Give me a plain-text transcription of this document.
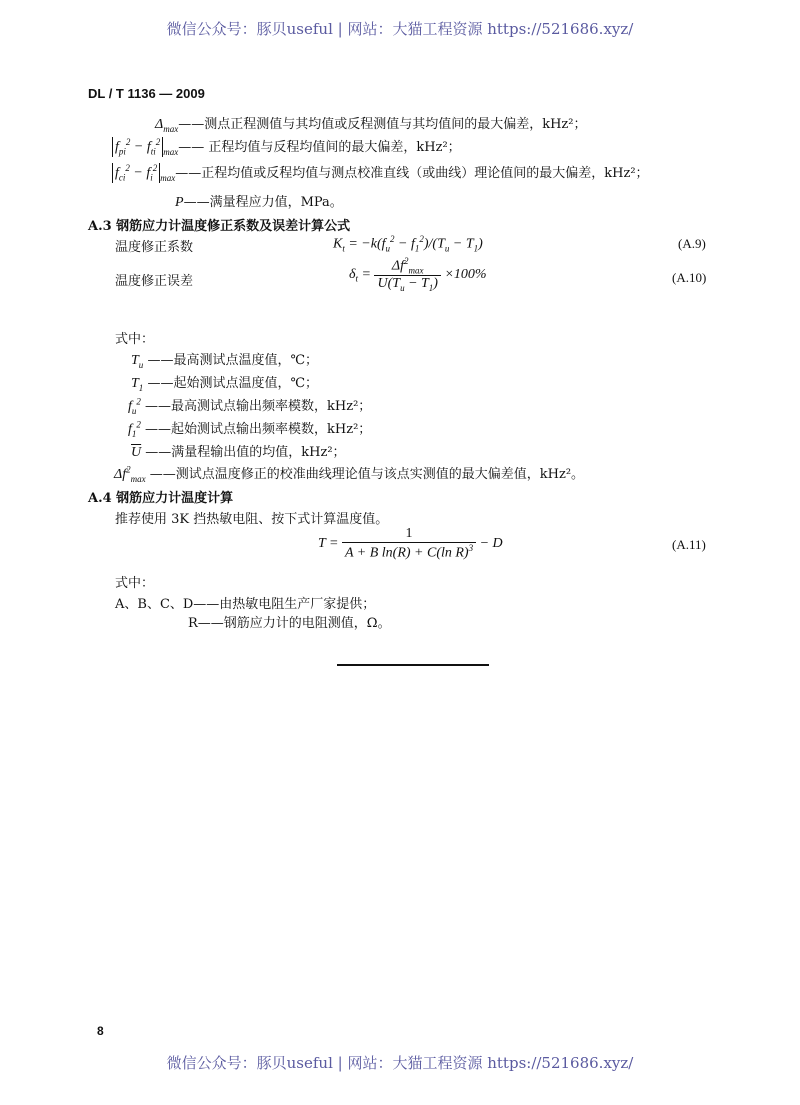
微信公众号：豚贝useful | 网站：大猫工程资源 https://521686.xyz/
微信公众号：豚贝useful | 网站：大猫工程资源 https://521686.xyz/
DL / T 1136 — 2009
$\Delta_{max}——$测点正程测值与其均值或反程测值与其均值间的最大偏差，kHz²；
$f_{pi}^2$ − $f_{ti}^2_{max}——$ 正程均值与反程均值间的最大偏差，kHz²；
$f_{ci}^2$ − $f_i^2_{max}——$正程均值或反程均值与测点校准直线（或曲线）理论值间的最大偏差，kHz²；
P——满量程应力值，MPa。
A.3 钢筋应力计温度修正系数及误差计算公式
温度修正系数	$K_t = -k(f_u^2 - f_1^2)/(T_u - T_1)$	(A.9)
温度修正误差	$\delta_t = \frac{\Delta f^2_{max}}{\overline{U}(T_u - T_1)} \times 100\%$	(A.10)
式中：
$T_u$ ——最高测试点温度值，℃；
$T_1$ ——起始测试点温度值，℃；
$f_u^2$ ——最高测试点输出频率模数，kHz²；
$f_1^2$ ——起始测试点输出频率模数，kHz²；
$\overline{U}$ ——满量程输出值的均值，kHz²；
$\Delta f^2_{max}$ ——测试点温度修正的校准曲线理论值与该点实测值的最大偏差值，kHz²。
A.4 钢筋应力计温度计算
推荐使用 3K 挡热敏电阻、按下式计算温度值。
$T = \frac{1}{A + B \ln(R) + C(\ln R)^3} - D$	(A.11)
式中：
A、B、C、D——由热敏电阻生产厂家提供；
R——钢筋应力计的电阻测值，Ω。
8
